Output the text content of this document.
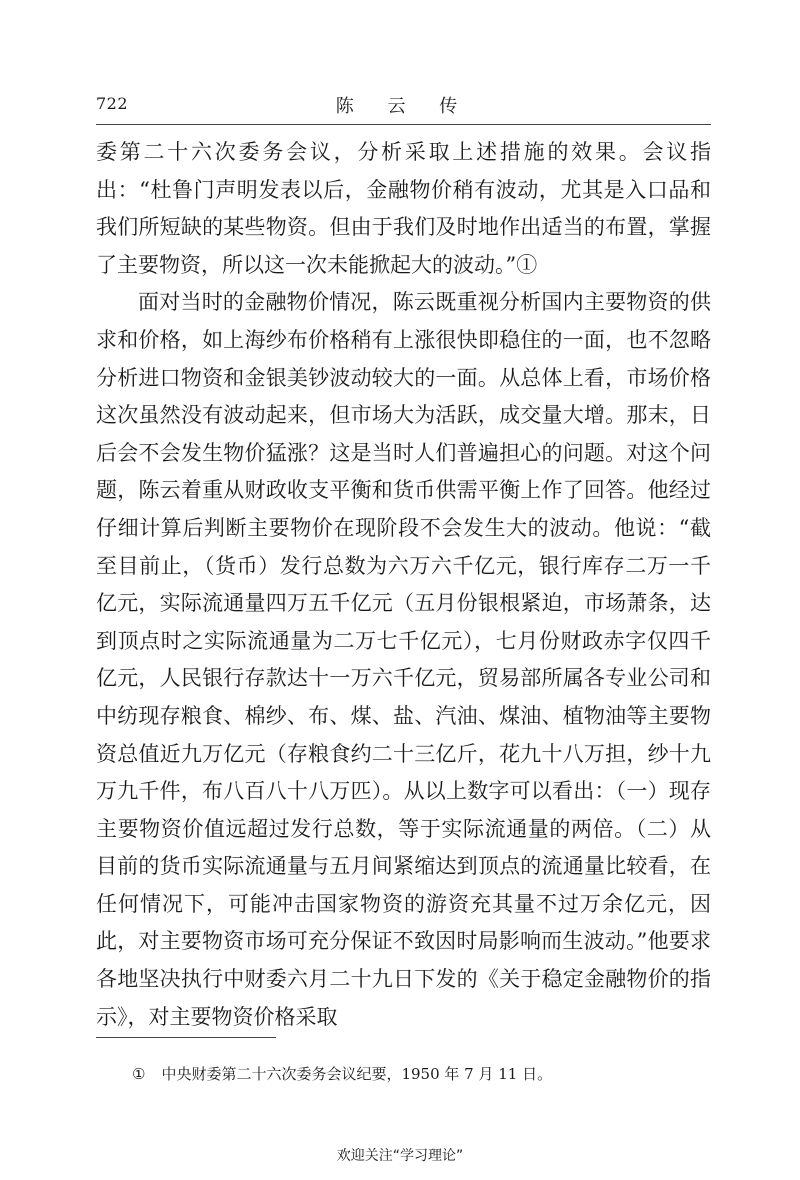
722	陈 云 传

委第二十六次委务会议，分析采取上述措施的效果。会议指出：“杜鲁门声明发表以后，金融物价稍有波动，尤其是入口品和我们所短缺的某些物资。但由于我们及时地作出适当的布置，掌握了主要物资，所以这一次未能掀起大的波动。”①

面对当时的金融物价情况，陈云既重视分析国内主要物资的供求和价格，如上海纱布价格稍有上涨很快即稳住的一面，也不忽略分析进口物资和金银美钞波动较大的一面。从总体上看，市场价格这次虽然没有波动起来，但市场大为活跃，成交量大增。那末，日后会不会发生物价猛涨？这是当时人们普遍担心的问题。对这个问题，陈云着重从财政收支平衡和货币供需平衡上作了回答。他经过仔细计算后判断主要物价在现阶段不会发生大的波动。他说：“截至目前止，（货币）发行总数为六万六千亿元，银行库存二万一千亿元，实际流通量四万五千亿元（五月份银根紧迫，市场萧条，达到顶点时之实际流通量为二万七千亿元），七月份财政赤字仅四千亿元，人民银行存款达十一万六千亿元，贸易部所属各专业公司和中纺现存粮食、棉纱、布、煤、盐、汽油、煤油、植物油等主要物资总值近九万亿元（存粮食约二十三亿斤，花九十八万担，纱十九万九千件，布八百八十八万匹）。从以上数字可以看出：（一）现存主要物资价值远超过发行总数，等于实际流通量的两倍。（二）从目前的货币实际流通量与五月间紧缩达到顶点的流通量比较看，在任何情况下，可能冲击国家物资的游资充其量不过万余亿元，因此，对主要物资市场可充分保证不致因时局影响而生波动。”他要求各地坚决执行中财委六月二十九日下发的《关于稳定金融物价的指示》，对主要物资价格采取

① 中央财委第二十六次委务会议纪要，1950 年 7 月 11 日。
欢迎关注“学习理论”
